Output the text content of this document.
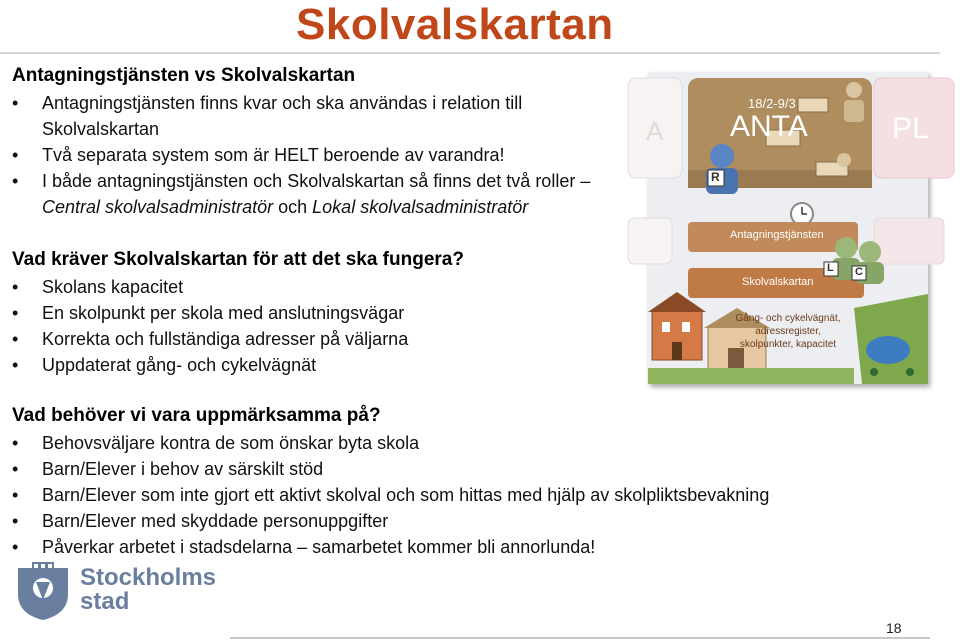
Skolvalskartan
Antagningstjänsten vs Skolvalskartan
• Antagningstjänsten finns kvar och ska användas i relation till Skolvalskartan
• Två separata system som är HELT beroende av varandra!
• I både antagningstjänsten och Skolvalskartan så finns det två roller – Central skolvalsadministratör och Lokal skolvalsadministratör
Vad kräver Skolvalskartan för att det ska fungera?
• Skolans kapacitet
• En skolpunkt per skola med anslutningsvägar
• Korrekta och fullständiga adresser på väljarna
• Uppdaterat gång- och cykelvägnät
Vad behöver vi vara uppmärksamma på?
• Behovsväljare kontra de som önskar byta skola
• Barn/Elever i behov av särskilt stöd
• Barn/Elever som inte gjort ett aktivt skolval och som hittas med hjälp av skolpliktsbevakning
• Barn/Elever med skyddade personuppgifter
• Påverkar arbetet i stadsdelarna – samarbetet kommer bli annorlunda!
18/2-9/3
ANTA
A	PL
R
L C
Antagningstjänsten
Skolvalskartan
Gång- och cykelvägnät,
adressregister,
skolpunkter, kapacitet
Stockholms
stad
18
